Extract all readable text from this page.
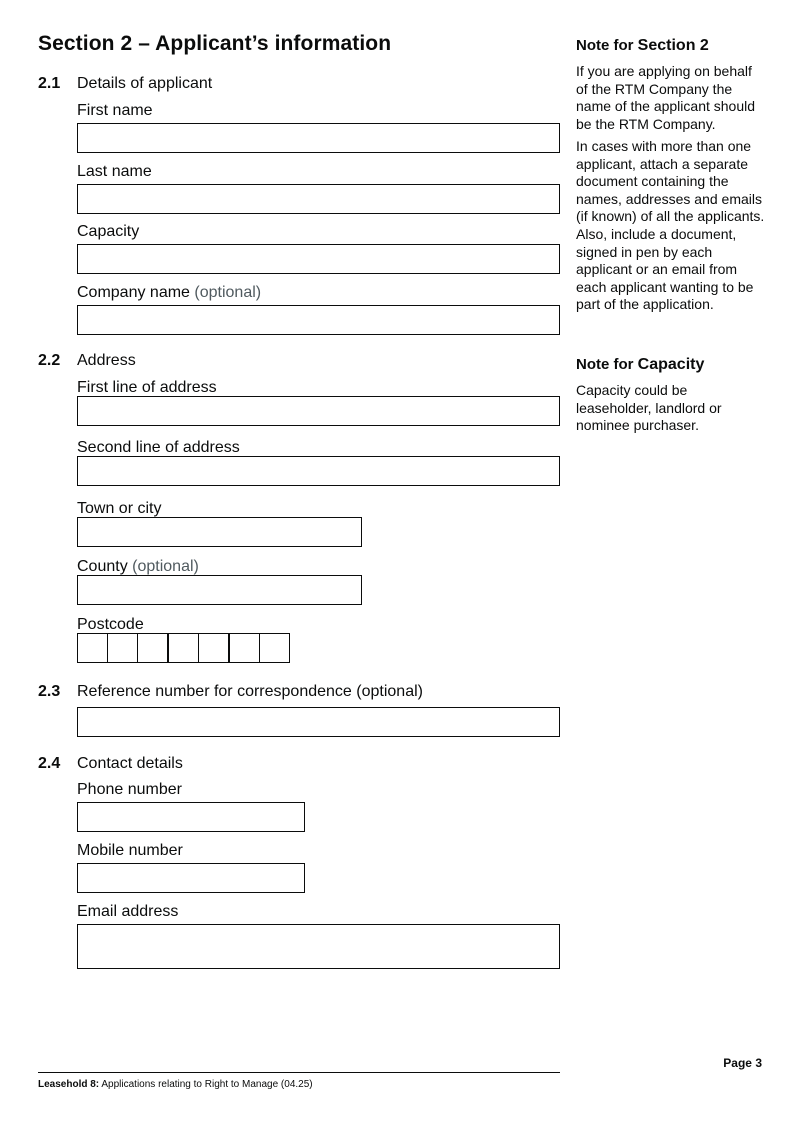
Section 2 – Applicant’s information
2.1 Details of applicant
First name
Last name
Capacity
Company name (optional)
2.2 Address
First line of address
Second line of address
Town or city
County (optional)
Postcode
2.3 Reference number for correspondence (optional)
2.4 Contact details
Phone number
Mobile number
Email address
Note for Section 2

If you are applying on behalf of the RTM Company the name of the applicant should be the RTM Company.

In cases with more than one applicant, attach a separate document containing the names, addresses and emails (if known) of all the applicants. Also, include a document, signed in pen by each applicant or an email from each applicant wanting to be part of the application.

Note for Capacity

Capacity could be leaseholder, landlord or nominee purchaser.

Page 3
Leasehold 8: Applications relating to Right to Manage (04.25)
